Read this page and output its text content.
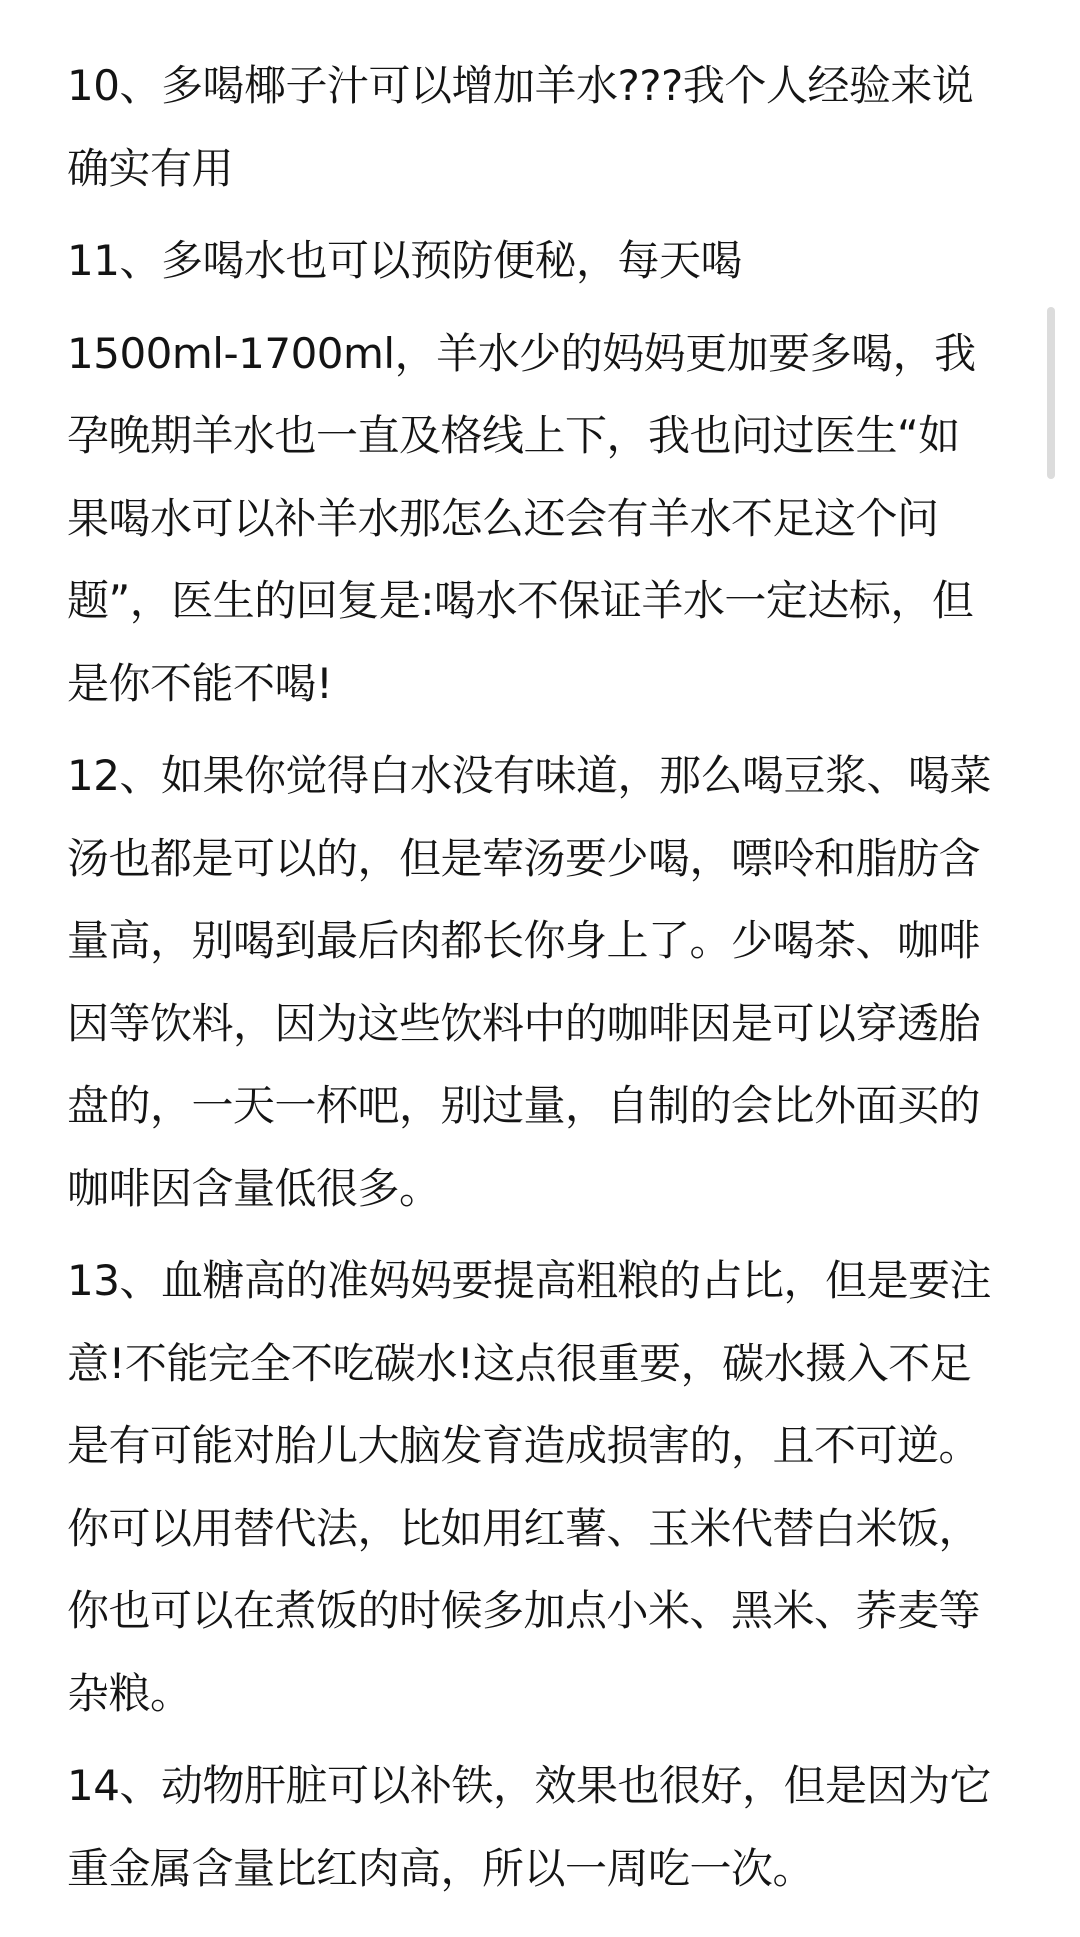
10、多喝椰子汁可以增加羊水???我个人经验来说
确实有用
11、多喝水也可以预防便秘，每天喝
1500ml-1700ml，羊水少的妈妈更加要多喝，我
孕晚期羊水也一直及格线上下，我也问过医生“如
果喝水可以补羊水那怎么还会有羊水不足这个问
题”，医生的回复是:喝水不保证羊水一定达标，但
是你不能不喝!
12、如果你觉得白水没有味道，那么喝豆浆、喝菜
汤也都是可以的，但是荤汤要少喝，嘌呤和脂肪含
量高，别喝到最后肉都长你身上了。少喝茶、咖啡
因等饮料，因为这些饮料中的咖啡因是可以穿透胎
盘的，一天一杯吧，别过量，自制的会比外面买的
咖啡因含量低很多。
13、血糖高的准妈妈要提高粗粮的占比，但是要注
意!不能完全不吃碳水!这点很重要，碳水摄入不足
是有可能对胎儿大脑发育造成损害的，且不可逆。
你可以用替代法，比如用红薯、玉米代替白米饭，
你也可以在煮饭的时候多加点小米、黑米、荞麦等
杂粮。
14、动物肝脏可以补铁，效果也很好，但是因为它
重金属含量比红肉高，所以一周吃一次。
